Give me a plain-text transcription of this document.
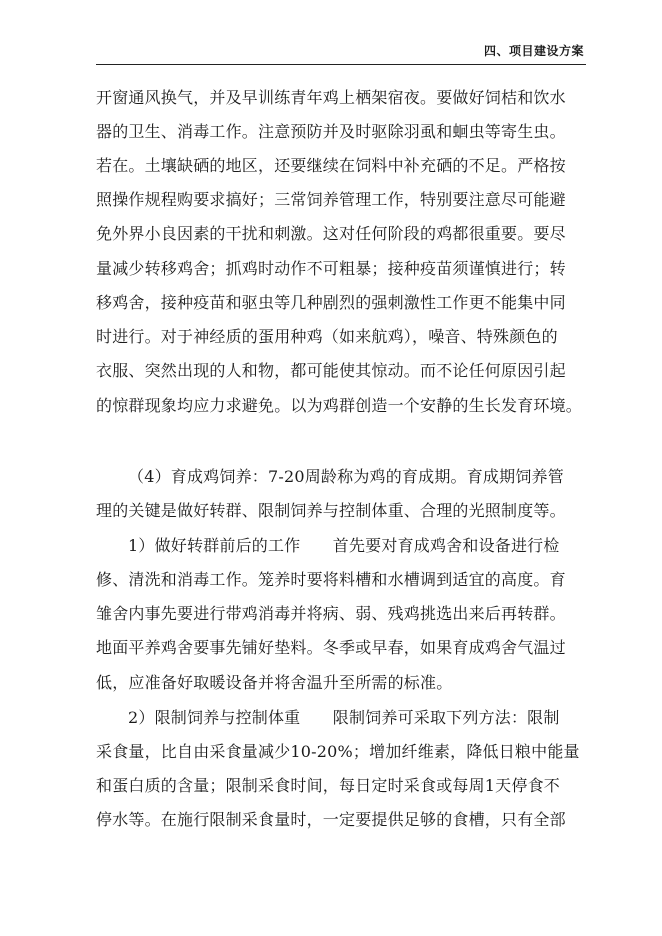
四、项目建设方案
开窗通风换气，并及早训练青年鸡上栖架宿夜。要做好饲桔和饮水
器的卫生、消毒工作。注意预防并及时驱除羽虱和蛔虫等寄生虫。
若在。土壤缺硒的地区，还要继续在饲料中补充硒的不足。严格按
照操作规程购要求搞好；三常饲养管理工作，特别要注意尽可能避
免外界小良因素的干扰和刺激。这对任何阶段的鸡都很重要。要尽
量减少转移鸡舍；抓鸡时动作不可粗暴；接种疫苗须谨慎进行；转
移鸡舍，接种疫苗和驱虫等几种剧烈的强刺激性工作更不能集中同
时进行。对于神经质的蛋用种鸡（如来航鸡），噪音、特殊颜色的
衣服、突然出现的人和物，都可能使其惊动。而不论任何原因引起
的惊群现象均应力求避免。以为鸡群创造一个安静的生长发育环境。
（4）育成鸡饲养：7-20周龄称为鸡的育成期。育成期饲养管
理的关键是做好转群、限制饲养与控制体重、合理的光照制度等。
1）做好转群前后的工作　　首先要对育成鸡舍和设备进行检
修、清洗和消毒工作。笼养时要将料槽和水槽调到适宜的高度。育
雏舍内事先要进行带鸡消毒并将病、弱、残鸡挑选出来后再转群。
地面平养鸡舍要事先铺好垫料。冬季或早春，如果育成鸡舍气温过
低，应准备好取暖设备并将舍温升至所需的标准。
2）限制饲养与控制体重　　限制饲养可采取下列方法：限制
采食量，比自由采食量减少10-20%；增加纤维素，降低日粮中能量
和蛋白质的含量；限制采食时间，每日定时采食或每周1天停食不
停水等。在施行限制采食量时，一定要提供足够的食槽，只有全部
